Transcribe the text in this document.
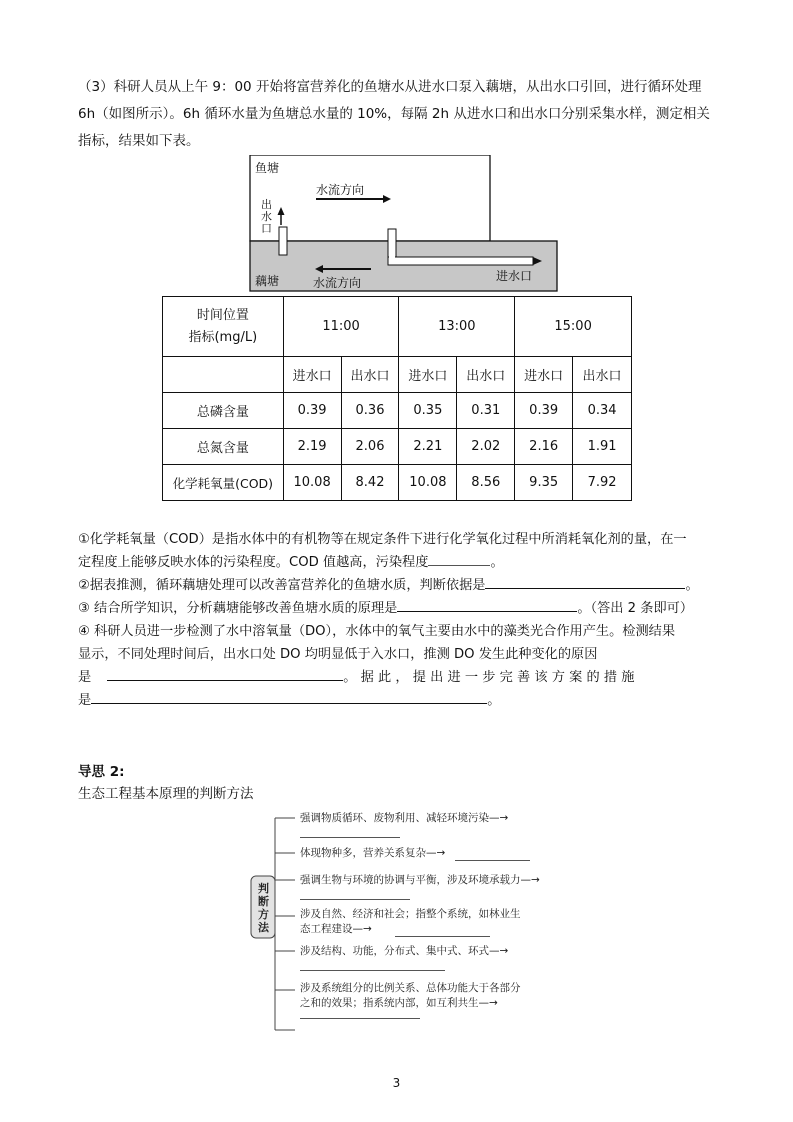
（3）科研人员从上午 9：00 开始将富营养化的鱼塘水从进水口泵入藕塘，从出水口引回，进行循环处理
6h（如图所示）。6h 循环水量为鱼塘总水量的 10%，每隔 2h 从进水口和出水口分别采集水样，测定相关
指标，结果如下表。
鱼塘
水流方向
出
水
口
藕塘	水流方向	进水口
时间位置
指标(mg/L)	11:00		13:00		15:00	
	进水口	出水口	进水口	出水口	进水口	出水口
总磷含量	0.39	0.36	0.35	0.31	0.39	0.34
总氮含量	2.19	2.06	2.21	2.02	2.16	1.91
化学耗氧量(COD)	10.08	8.42	10.08	8.56	9.35	7.92
①化学耗氧量（COD）是指水体中的有机物等在规定条件下进行化学氧化过程中所消耗氧化剂的量，在一
定程度上能够反映水体的污染程度。COD 值越高，污染程度	。
②据表推测，循环藕塘处理可以改善富营养化的鱼塘水质，判断依据是	。
③ 结合所学知识，分析藕塘能够改善鱼塘水质的原理是	。（答出 2 条即可）
④ 科研人员进一步检测了水中溶氧量（DO），水体中的氧气主要由水中的藻类光合作用产生。检测结果
显示，不同处理时间后，出水口处 DO 均明显低于入水口，推测 DO 发生此种变化的原因
是	。 据 此 ， 提 出 进 一 步 完 善 该 方 案 的 措 施
是	。
导思 2:
生态工程基本原理的判断方法
判
断
方
法
强调物质循环、废物利用、减轻环境污染—→
体现物种多，营养关系复杂—→
强调生物与环境的协调与平衡，涉及环境承载力—→
涉及自然、经济和社会；指整个系统，如林业生
态工程建设—→
涉及结构、功能，分布式、集中式、环式—→
涉及系统组分的比例关系、总体功能大于各部分
之和的效果；指系统内部，如互利共生—→
3
